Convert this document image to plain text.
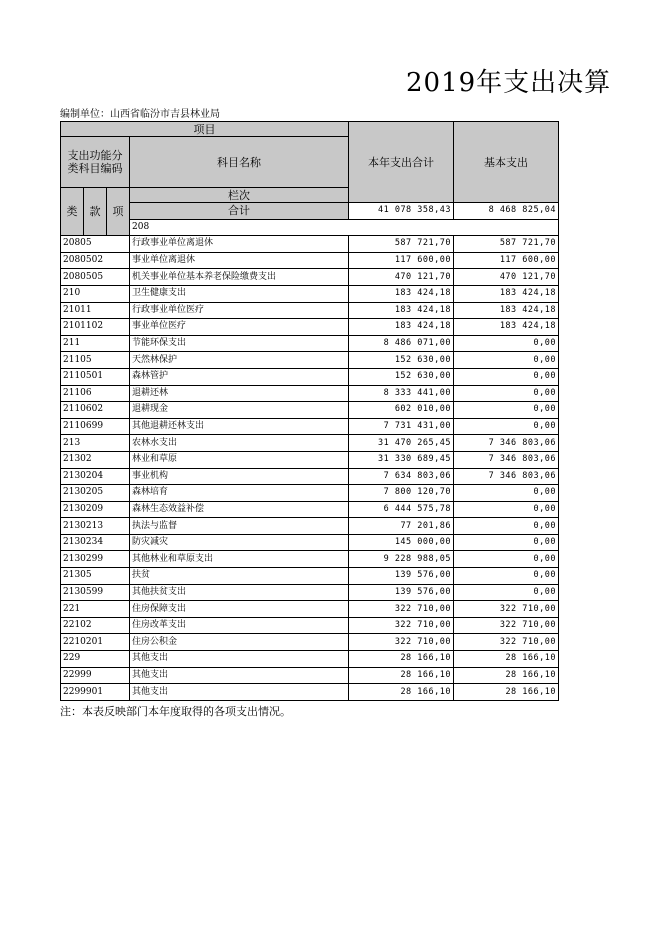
2019年支出决算
编制单位：山西省临汾市吉县林业局
项目				本年支出合计	基本支出	
支出功能分类科目编码			科目名称			
类	款	项	栏次		
			合计	41 078 358,43	8 468 825,04	
			208			
20805			行政事业单位离退休	587 721,70	587 721,70	
2080502			事业单位离退休	117 600,00	117 600,00	
2080505			机关事业单位基本养老保险缴费支出	470 121,70	470 121,70	
210			卫生健康支出	183 424,18	183 424,18	
21011			行政事业单位医疗	183 424,18	183 424,18	
2101102			事业单位医疗	183 424,18	183 424,18	
211			节能环保支出	8 486 071,00	0,00	
21105			天然林保护	152 630,00	0,00	
2110501			森林管护	152 630,00	0,00	
21106			退耕还林	8 333 441,00	0,00	
2110602			退耕现金	602 010,00	0,00	
2110699			其他退耕还林支出	7 731 431,00	0,00	
213			农林水支出	31 470 265,45	7 346 803,06	
21302			林业和草原	31 330 689,45	7 346 803,06	
2130204			事业机构	7 634 803,06	7 346 803,06	
2130205			森林培育	7 800 120,70	0,00	
2130209			森林生态效益补偿	6 444 575,78	0,00	
2130213			执法与监督	77 201,86	0,00	
2130234			防灾减灾	145 000,00	0,00	
2130299			其他林业和草原支出	9 228 988,05	0,00	
21305			扶贫	139 576,00	0,00	
2130599			其他扶贫支出	139 576,00	0,00	
221			住房保障支出	322 710,00	322 710,00	
22102			住房改革支出	322 710,00	322 710,00	
2210201			住房公积金	322 710,00	322 710,00	
229			其他支出	28 166,10	28 166,10	
22999			其他支出	28 166,10	28 166,10	
2299901			其他支出	28 166,10	28 166,10	
注：本表反映部门本年度取得的各项支出情况。
